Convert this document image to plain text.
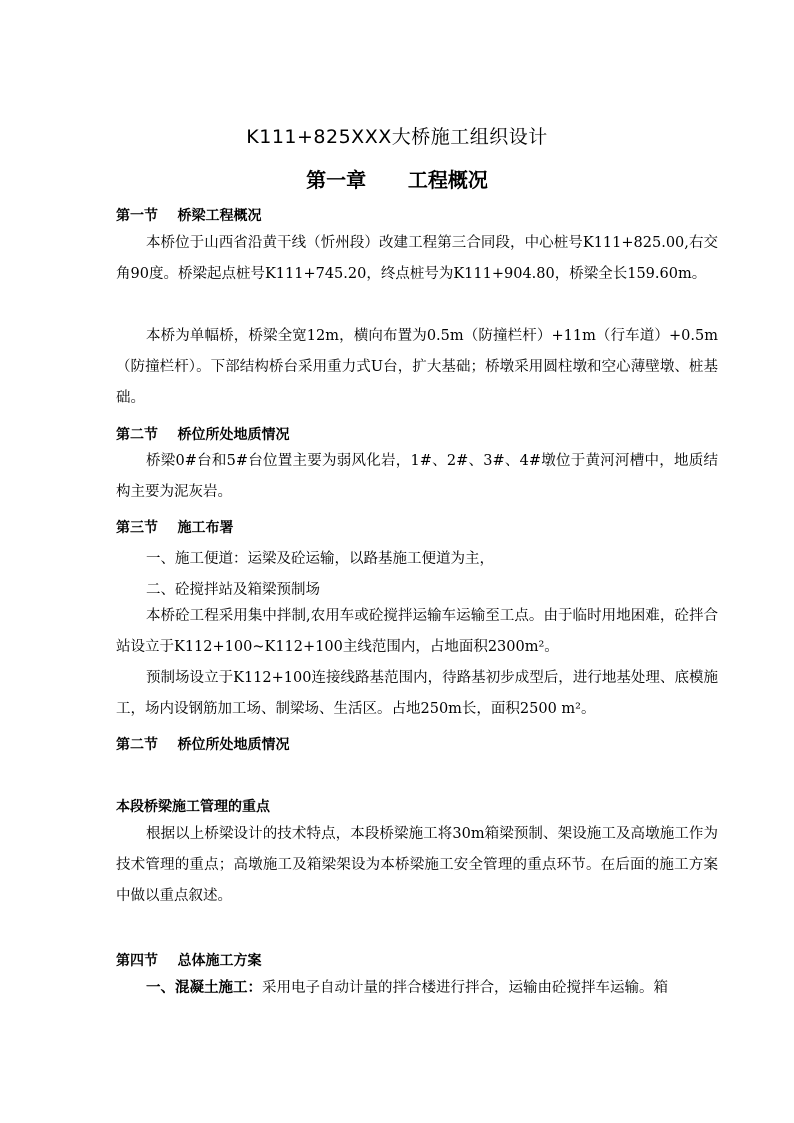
K111+825XXX大桥施工组织设计
第一章      工程概况
第一节    桥梁工程概况
本桥位于山西省沿黄干线（忻州段）改建工程第三合同段，中心桩号K111+825.00,右交角90度。桥梁起点桩号K111+745.20，终点桩号为K111+904.80，桥梁全长159.60m。
本桥为单幅桥，桥梁全宽12m，横向布置为0.5m（防撞栏杆）+11m（行车道）+0.5m（防撞栏杆）。下部结构桥台采用重力式U台，扩大基础；桥墩采用圆柱墩和空心薄壁墩、桩基础。
第二节    桥位所处地质情况
桥梁0#台和5#台位置主要为弱风化岩，1#、2#、3#、4#墩位于黄河河槽中，地质结构主要为泥灰岩。
第三节    施工布署
一、施工便道：运梁及砼运输，以路基施工便道为主，
二、砼搅拌站及箱梁预制场
本桥砼工程采用集中拌制,农用车或砼搅拌运输车运输至工点。由于临时用地困难，砼拌合站设立于K112+100~K112+100主线范围内，占地面积2300m²。
预制场设立于K112+100连接线路基范围内，待路基初步成型后，进行地基处理、底模施工，场内设钢筋加工场、制梁场、生活区。占地250m长，面积2500 m²。
第二节    桥位所处地质情况
本段桥梁施工管理的重点
根据以上桥梁设计的技术特点，本段桥梁施工将30m箱梁预制、架设施工及高墩施工作为技术管理的重点；高墩施工及箱梁架设为本桥梁施工安全管理的重点环节。在后面的施工方案中做以重点叙述。
第四节    总体施工方案
一、混凝土施工：采用电子自动计量的拌合楼进行拌合，运输由砼搅拌车运输。箱
